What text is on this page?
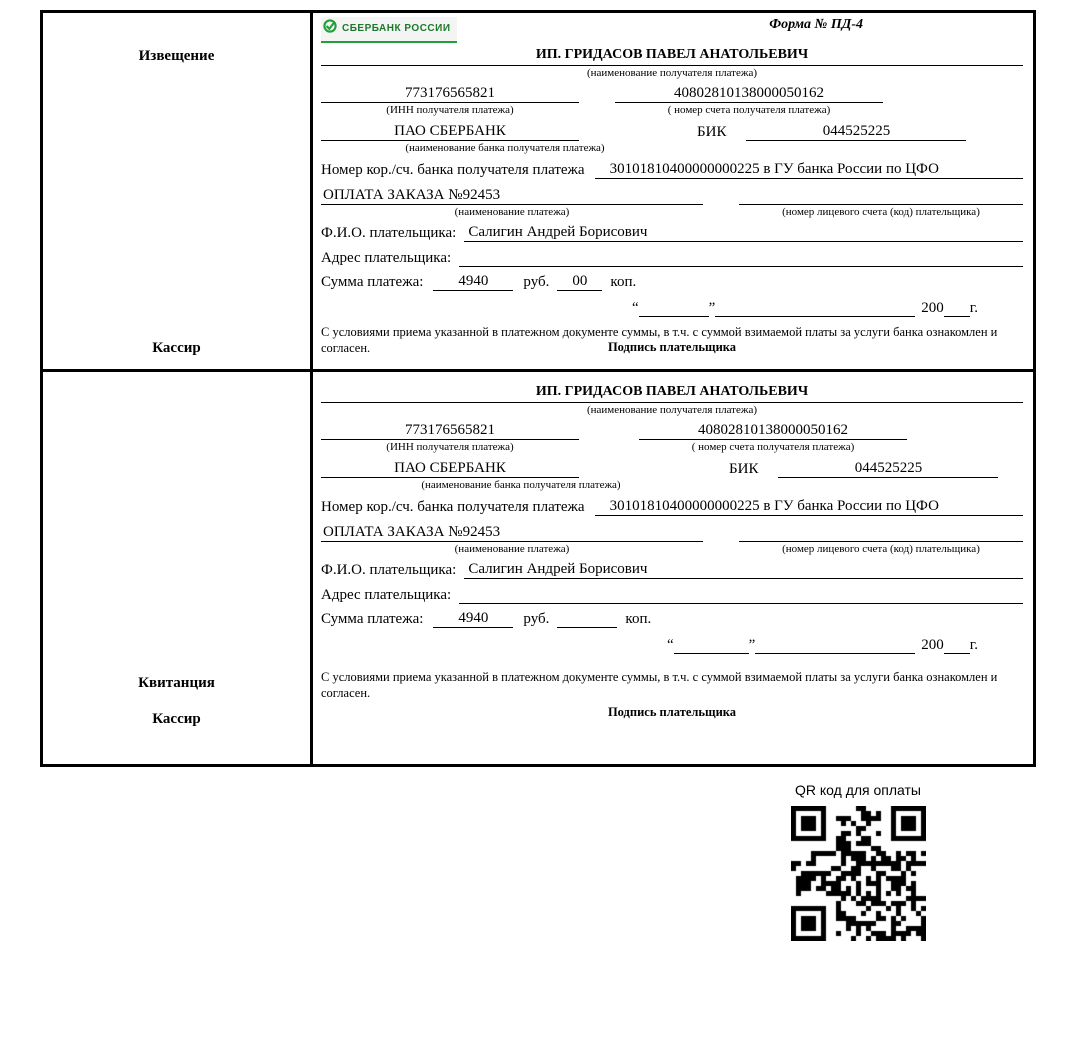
Извещение
Кассир
СБЕРБАНК РОССИИ	Форма № ПД-4
ИП. ГРИДАСОВ ПАВЕЛ АНАТОЛЬЕВИЧ
(наименование получателя платежа)
773176565821
(ИНН получателя платежа)
40802810138000050162
( номер счета получателя платежа)
ПАО СБЕРБАНК
(наименование банка получателя платежа)
БИК	044525225
Номер кор./сч. банка получателя платежа	30101810400000000225 в ГУ банка России по ЦФО
ОПЛАТА ЗАКАЗА №92453
(наименование платежа)	(номер лицевого счета (код) плательщика)
Ф.И.О. плательщика: Салигин Андрей Борисович
Адрес плательщика:
Сумма платежа:	4940	руб.	00	коп.
“	”	200 г.
С условиями приема указанной в платежном документе суммы, в т.ч. с суммой взимаемой платы за услуги банка ознакомлен и согласен.	Подпись плательщика
Квитанция
Кассир
ИП. ГРИДАСОВ ПАВЕЛ АНАТОЛЬЕВИЧ
(наименование получателя платежа)
773176565821
(ИНН получателя платежа)
40802810138000050162
( номер счета получателя платежа)
ПАО СБЕРБАНК
(наименование банка получателя платежа)
БИК	044525225
Номер кор./сч. банка получателя платежа	30101810400000000225 в ГУ банка России по ЦФО
ОПЛАТА ЗАКАЗА №92453
(наименование платежа)	(номер лицевого счета (код) плательщика)
Ф.И.О. плательщика: Салигин Андрей Борисович
Адрес плательщика:
Сумма платежа:	4940	руб.	коп.
“	”	200 г.
С условиями приема указанной в платежном документе суммы, в т.ч. с суммой взимаемой платы за услуги банка ознакомлен и согласен.
Подпись плательщика
QR код для оплаты
